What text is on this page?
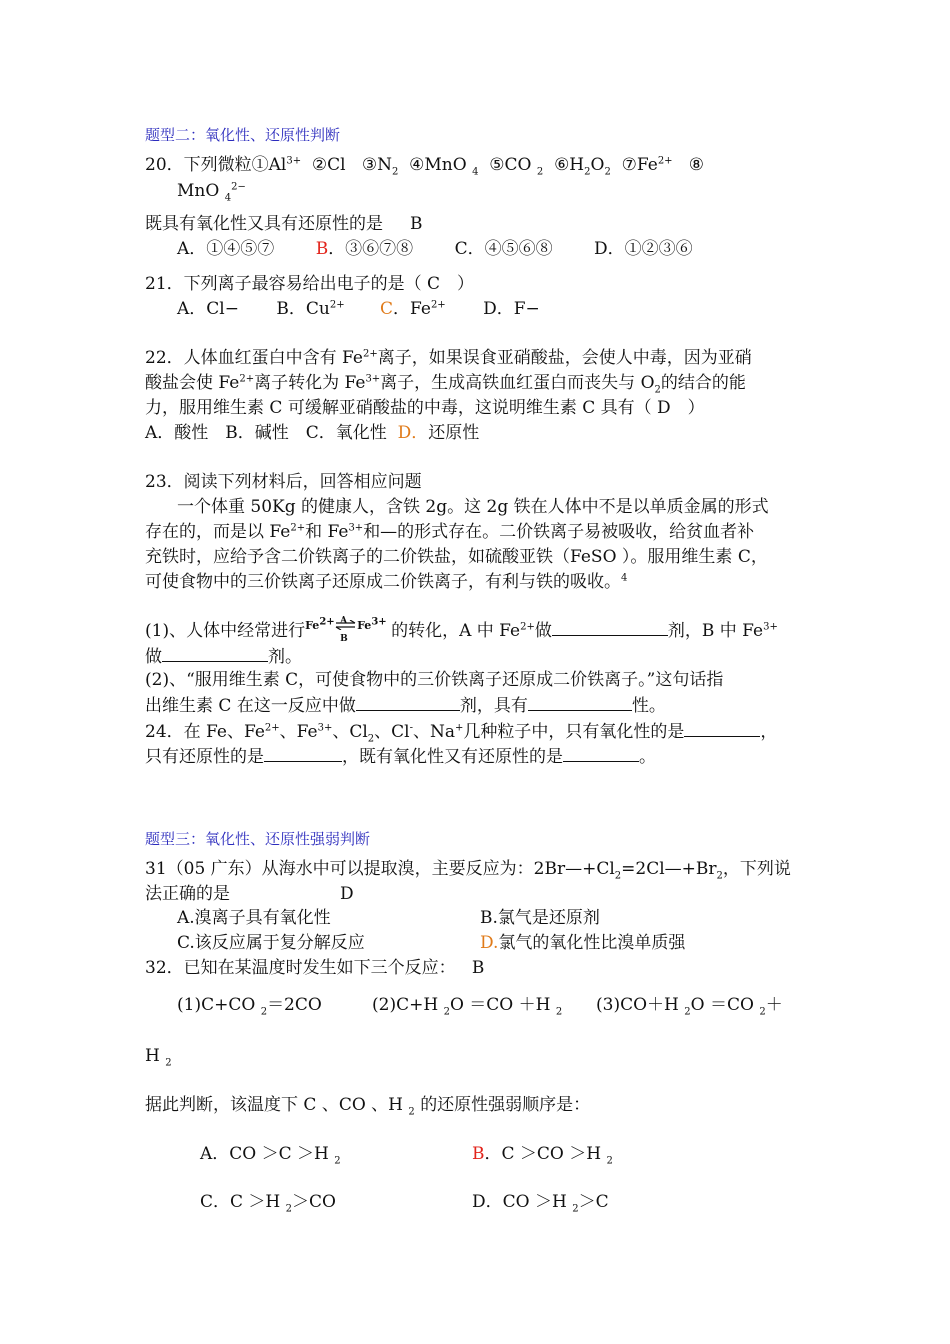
题型二：氧化性、还原性判断
20．下列微粒$①Al^{3+}$ ②Cl $③N_2$ ④MnO $_4$ ⑤CO $_2$ $⑥H_2O_2$ $⑦Fe^{2+}$ ⑧
MnO $_4^{2-}$
既具有氧化性又具有还原性的是 B
A．①④⑤⑦ B．③⑥⑦⑧ C．④⑤⑥⑧ D．①②③⑥
21．下列离子最容易给出电子的是（ C　）
A．Cl− B．$Cu^{2+}$ C．$Fe^{2+}$ D．F−
22．人体血红蛋白中含有 $Fe^{2+}$离子，如果误食亚硝酸盐，会使人中毒，因为亚硝
酸盐会使 $Fe^{2+}$离子转化为 $Fe^{3+}$离子，生成高铁血红蛋白而丧失与 $O_2$的结合的能
力，服用维生素 C 可缓解亚硝酸盐的中毒，这说明维生素 C 具有（ D　）
A．酸性　B．碱性　C．氧化性 D．还原性
23．阅读下列材料后，回答相应问题
一个体重 50Kg 的健康人，含铁 2g。这 2g 铁在人体中不是以单质金属的形式
存在的，而是以 $Fe^{2+}$和 $Fe^{3+}$和—的形式存在。二价铁离子易被吸收，给贫血者补
充铁时，应给予含二价铁离子的二价铁盐，如硫酸亚铁（FeSO ）。服用维生素 C，
可使食物中的三价铁离子还原成二价铁离子，有利与铁的吸收。$^4$
(1)、人体中经常进行 $Fe^{2+}$ A
B
$Fe^{3+}$ 的转化，A 中 $Fe^{2+}$做	剂，B 中 $Fe^{3+}$
做	剂。
(2)、“服用维生素 C，可使食物中的三价铁离子还原成二价铁离子。”这句话指
出维生素 C 在这一反应中做	剂，具有	性。
24．在 Fe、$Fe^{2+}$、$Fe^{3+}$、$Cl_2$、Cl-、Na+几种粒子中，只有氧化性的是	，
只有还原性的是	，既有氧化性又有还原性的是	。
题型三：氧化性、还原性强弱判断
31（05 广东）从海水中可以提取溴，主要反应为：$2Br—+Cl_2=2Cl—+Br_2$，下列说
法正确的是	D
A.溴离子具有氧化性	B.氯气是还原剂
C.该反应属于复分解反应	D.氯气的氧化性比溴单质强
32．已知在某温度时发生如下三个反应： B
(1)C+CO $_2$＝2CO	(2)C+H $_2$O ＝CO ＋H $_2$ (3)CO＋H $_2$O ＝CO $_2$＋
H $_2$
据此判断，该温度下 C 、CO 、H $_2$ 的还原性强弱顺序是：
A．CO ＞C ＞H $_2$	B．C ＞CO ＞H $_2$
C．C ＞H $_2$＞CO	D．CO ＞H $_2$＞C
